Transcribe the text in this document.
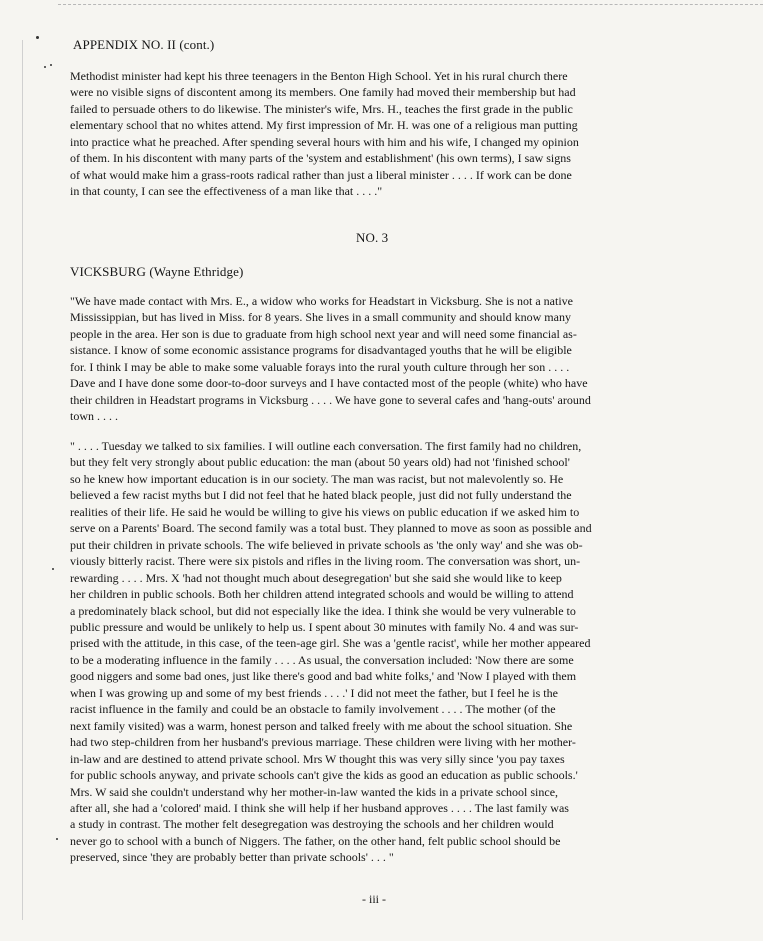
APPENDIX NO. II (cont.)
Methodist minister had kept his three teenagers in the Benton High School. Yet in his rural church there
were no visible signs of discontent among its members. One family had moved their membership but had
failed to persuade others to do likewise. The minister's wife, Mrs. H., teaches the first grade in the public
elementary school that no whites attend. My first impression of Mr. H. was one of a religious man putting
into practice what he preached. After spending several hours with him and his wife, I changed my opinion
of them. In his discontent with many parts of the 'system and establishment' (his own terms), I saw signs
of what would make him a grass-roots radical rather than just a liberal minister . . . . If work can be done
in that county, I can see the effectiveness of a man like that . . . ."
NO. 3
VICKSBURG (Wayne Ethridge)
"We have made contact with Mrs. E., a widow who works for Headstart in Vicksburg. She is not a native
Mississippian, but has lived in Miss. for 8 years. She lives in a small community and should know many
people in the area. Her son is due to graduate from high school next year and will need some financial as-
sistance. I know of some economic assistance programs for disadvantaged youths that he will be eligible
for. I think I may be able to make some valuable forays into the rural youth culture through her son . . . .
Dave and I have done some door-to-door surveys and I have contacted most of the people (white) who have
their children in Headstart programs in Vicksburg . . . . We have gone to several cafes and 'hang-outs' around
town . . . .
" . . . . Tuesday we talked to six families. I will outline each conversation. The first family had no children,
but they felt very strongly about public education: the man (about 50 years old) had not 'finished school'
so he knew how important education is in our society. The man was racist, but not malevolently so. He
believed a few racist myths but I did not feel that he hated black people, just did not fully understand the
realities of their life. He said he would be willing to give his views on public education if we asked him to
serve on a Parents' Board. The second family was a total bust. They planned to move as soon as possible and
put their children in private schools. The wife believed in private schools as 'the only way' and she was ob-
viously bitterly racist. There were six pistols and rifles in the living room. The conversation was short, un-
rewarding . . . . Mrs. X 'had not thought much about desegregation' but she said she would like to keep
her children in public schools. Both her children attend integrated schools and would be willing to attend
a predominately black school, but did not especially like the idea. I think she would be very vulnerable to
public pressure and would be unlikely to help us. I spent about 30 minutes with family No. 4 and was sur-
prised with the attitude, in this case, of the teen-age girl. She was a 'gentle racist', while her mother appeared
to be a moderating influence in the family . . . . As usual, the conversation included: 'Now there are some
good niggers and some bad ones, just like there's good and bad white folks,' and 'Now I played with them
when I was growing up and some of my best friends . . . .' I did not meet the father, but I feel he is the
racist influence in the family and could be an obstacle to family involvement . . . . The mother (of the
next family visited) was a warm, honest person and talked freely with me about the school situation. She
had two step-children from her husband's previous marriage. These children were living with her mother-
in-law and are destined to attend private school. Mrs W thought this was very silly since 'you pay taxes
for public schools anyway, and private schools can't give the kids as good an education as public schools.'
Mrs. W said she couldn't understand why her mother-in-law wanted the kids in a private school since,
after all, she had a 'colored' maid. I think she will help if her husband approves . . . . The last family was
a study in contrast. The mother felt desegregation was destroying the schools and her children would
never go to school with a bunch of Niggers. The father, on the other hand, felt public school should be
preserved, since 'they are probably better than private schools' . . . "
- iii -
